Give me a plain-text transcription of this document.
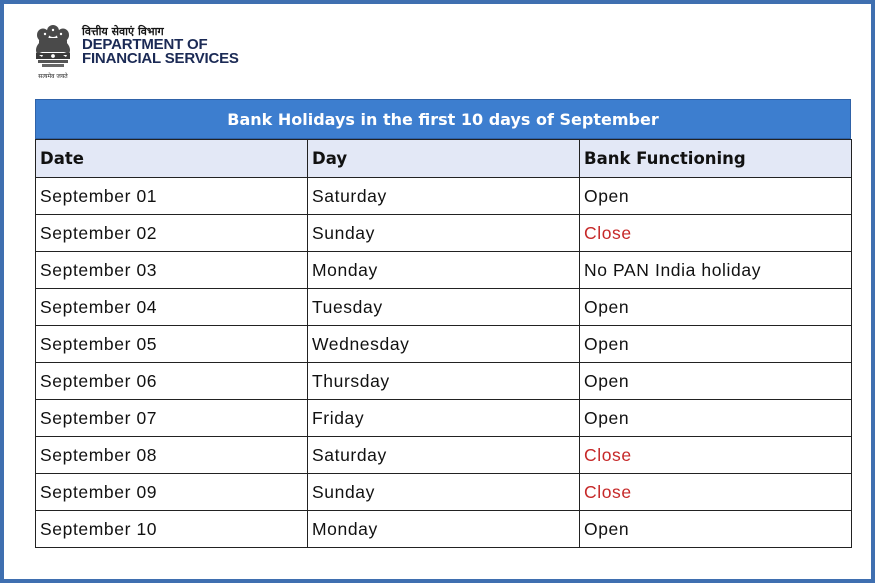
सत्यमेव जयते
वित्तीय सेवाएं विभाग
DEPARTMENT OF
FINANCIAL SERVICES
Bank Holidays in the first 10 days of September
Date	Day	Bank Functioning
September 01	Saturday	Open
September 02	Sunday	Close
September 03	Monday	No PAN India holiday
September 04	Tuesday	Open
September 05	Wednesday	Open
September 06	Thursday	Open
September 07	Friday	Open
September 08	Saturday	Close
September 09	Sunday	Close
September 10	Monday	Open
